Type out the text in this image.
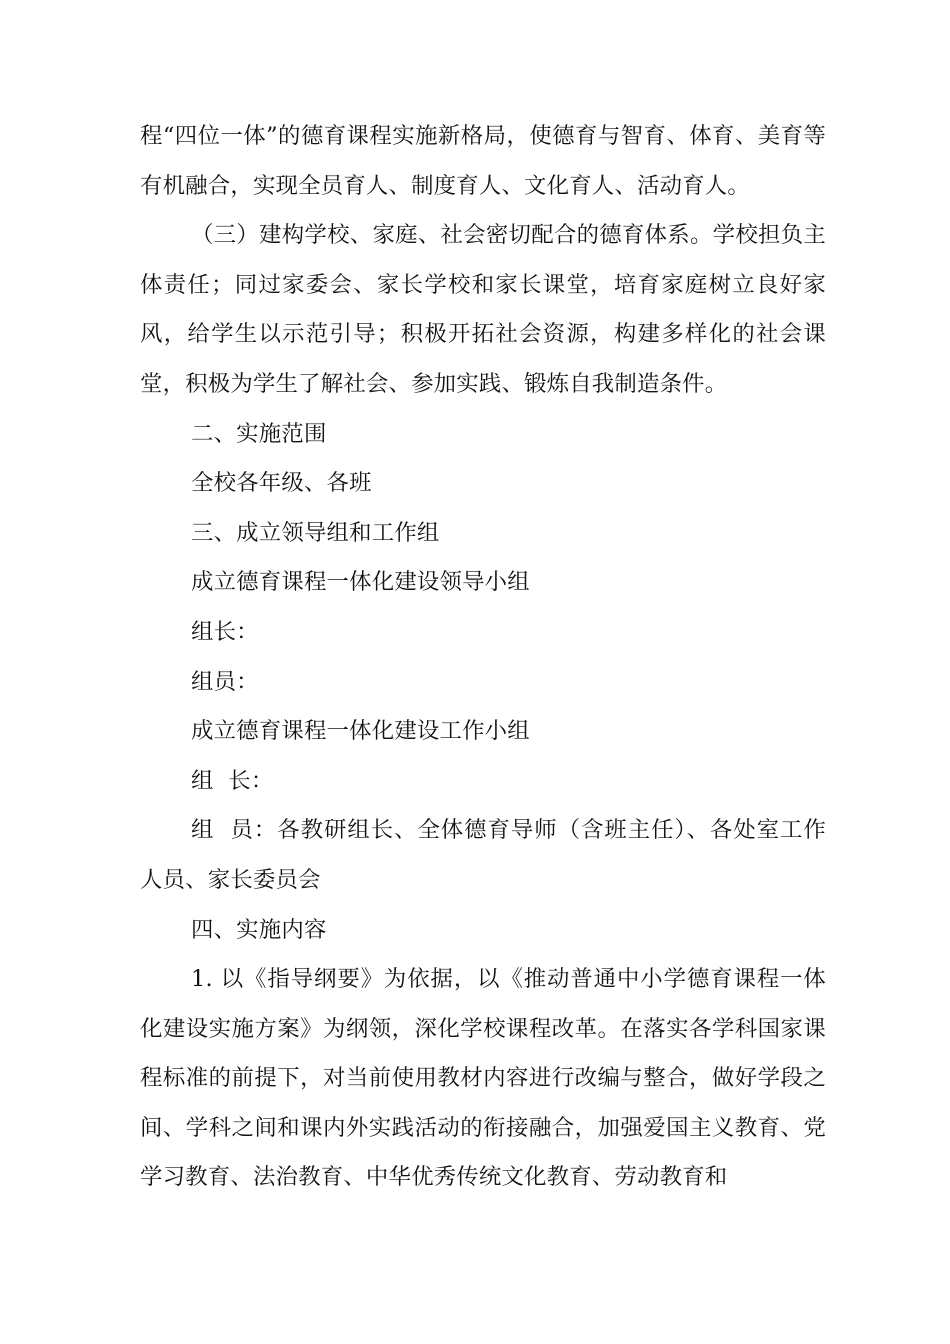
程“四位一体”的德育课程实施新格局，使德育与智育、体育、美育等有机融合，实现全员育人、制度育人、文化育人、活动育人。

（三）建构学校、家庭、社会密切配合的德育体系。学校担负主体责任；同过家委会、家长学校和家长课堂，培育家庭树立良好家风，给学生以示范引导；积极开拓社会资源，构建多样化的社会课堂，积极为学生了解社会、参加实践、锻炼自我制造条件。

二、实施范围

全校各年级、各班

三、成立领导组和工作组

成立德育课程一体化建设领导小组

组长：

组员：

成立德育课程一体化建设工作小组

组  长：

组  员：各教研组长、全体德育导师（含班主任）、各处室工作人员、家长委员会

四、实施内容

1. 以《指导纲要》为依据，以《推动普通中小学德育课程一体化建设实施方案》为纲领，深化学校课程改革。在落实各学科国家课程标准的前提下，对当前使用教材内容进行改编与整合，做好学段之间、学科之间和课内外实践活动的衔接融合，加强爱国主义教育、党学习教育、法治教育、中华优秀传统文化教育、劳动教育和
